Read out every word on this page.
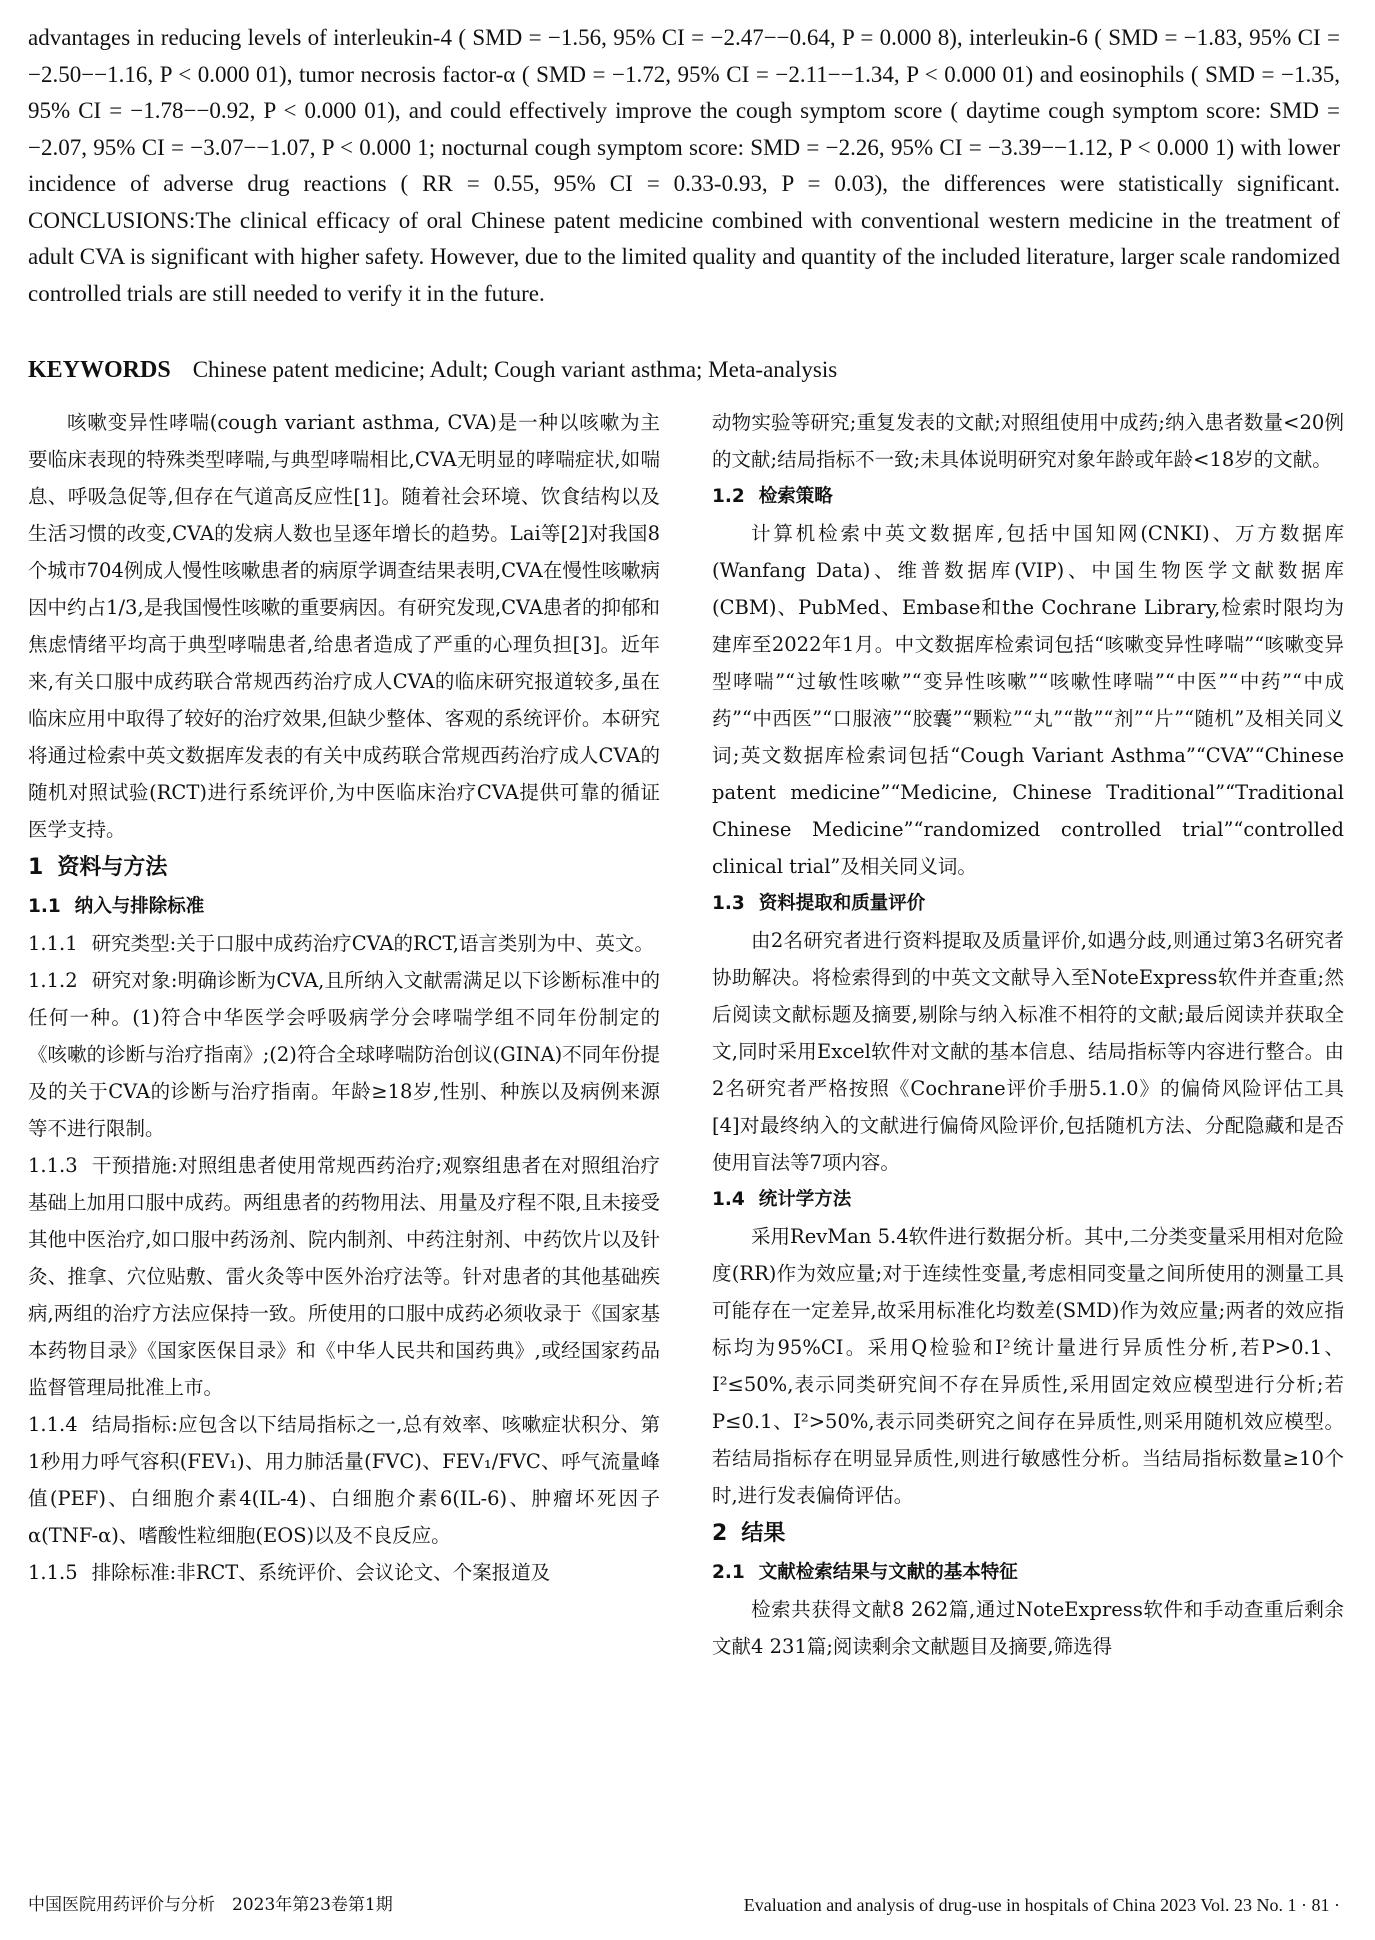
advantages in reducing levels of interleukin-4 ( SMD = −1.56, 95% CI = −2.47−−0.64, P = 0.000 8), interleukin-6 ( SMD = −1.83, 95% CI = −2.50−−1.16, P < 0.000 01), tumor necrosis factor-α ( SMD = −1.72, 95% CI = −2.11−−1.34, P < 0.000 01) and eosinophils ( SMD = −1.35, 95% CI = −1.78−−0.92, P < 0.000 01), and could effectively improve the cough symptom score ( daytime cough symptom score: SMD = −2.07, 95% CI = −3.07−−1.07, P < 0.000 1; nocturnal cough symptom score: SMD = −2.26, 95% CI = −3.39−−1.12, P < 0.000 1) with lower incidence of adverse drug reactions ( RR = 0.55, 95% CI = 0.33-0.93, P = 0.03), the differences were statistically significant. CONCLUSIONS:The clinical efficacy of oral Chinese patent medicine combined with conventional western medicine in the treatment of adult CVA is significant with higher safety. However, due to the limited quality and quantity of the included literature, larger scale randomized controlled trials are still needed to verify it in the future.

KEYWORDS Chinese patent medicine; Adult; Cough variant asthma; Meta-analysis

咳嗽变异性哮喘(cough variant asthma, CVA)是一种以咳嗽为主要临床表现的特殊类型哮喘,与典型哮喘相比,CVA无明显的哮喘症状,如喘息、呼吸急促等,但存在气道高反应性[1]。随着社会环境、饮食结构以及生活习惯的改变,CVA的发病人数也呈逐年增长的趋势。Lai等[2]对我国8个城市704例成人慢性咳嗽患者的病原学调查结果表明,CVA在慢性咳嗽病因中约占1/3,是我国慢性咳嗽的重要病因。有研究发现,CVA患者的抑郁和焦虑情绪平均高于典型哮喘患者,给患者造成了严重的心理负担[3]。近年来,有关口服中成药联合常规西药治疗成人CVA的临床研究报道较多,虽在临床应用中取得了较好的治疗效果,但缺少整体、客观的系统评价。本研究将通过检索中英文数据库发表的有关中成药联合常规西药治疗成人CVA的随机对照试验(RCT)进行系统评价,为中医临床治疗CVA提供可靠的循证医学支持。

1 资料与方法

1.1 纳入与排除标准

1.1.1 研究类型:关于口服中成药治疗CVA的RCT,语言类别为中、英文。

1.1.2 研究对象:明确诊断为CVA,且所纳入文献需满足以下诊断标准中的任何一种。(1)符合中华医学会呼吸病学分会哮喘学组不同年份制定的《咳嗽的诊断与治疗指南》;(2)符合全球哮喘防治创议(GINA)不同年份提及的关于CVA的诊断与治疗指南。年龄≥18岁,性别、种族以及病例来源等不进行限制。

1.1.3 干预措施:对照组患者使用常规西药治疗;观察组患者在对照组治疗基础上加用口服中成药。两组患者的药物用法、用量及疗程不限,且未接受其他中医治疗,如口服中药汤剂、院内制剂、中药注射剂、中药饮片以及针灸、推拿、穴位贴敷、雷火灸等中医外治疗法等。针对患者的其他基础疾病,两组的治疗方法应保持一致。所使用的口服中成药必须收录于《国家基本药物目录》《国家医保目录》和《中华人民共和国药典》,或经国家药品监督管理局批准上市。

1.1.4 结局指标:应包含以下结局指标之一,总有效率、咳嗽症状积分、第1秒用力呼气容积(FEV₁)、用力肺活量(FVC)、FEV₁/FVC、呼气流量峰值(PEF)、白细胞介素4(IL-4)、白细胞介素6(IL-6)、肿瘤坏死因子α(TNF-α)、嗜酸性粒细胞(EOS)以及不良反应。

1.1.5 排除标准:非RCT、系统评价、会议论文、个案报道及

动物实验等研究;重复发表的文献;对照组使用中成药;纳入患者数量<20例的文献;结局指标不一致;未具体说明研究对象年龄或年龄<18岁的文献。

1.2 检索策略

计算机检索中英文数据库,包括中国知网(CNKI)、万方数据库(Wanfang Data)、维普数据库(VIP)、中国生物医学文献数据库(CBM)、PubMed、Embase和the Cochrane Library,检索时限均为建库至2022年1月。中文数据库检索词包括“咳嗽变异性哮喘”“咳嗽变异型哮喘”“过敏性咳嗽”“变异性咳嗽”“咳嗽性哮喘”“中医”“中药”“中成药”“中西医”“口服液”“胶囊”“颗粒”“丸”“散”“剂”“片”“随机”及相关同义词;英文数据库检索词包括“Cough Variant Asthma”“CVA”“Chinese patent medicine”“Medicine, Chinese Traditional”“Traditional Chinese Medicine”“randomized controlled trial”“controlled clinical trial”及相关同义词。

1.3 资料提取和质量评价

由2名研究者进行资料提取及质量评价,如遇分歧,则通过第3名研究者协助解决。将检索得到的中英文文献导入至NoteExpress软件并查重;然后阅读文献标题及摘要,剔除与纳入标准不相符的文献;最后阅读并获取全文,同时采用Excel软件对文献的基本信息、结局指标等内容进行整合。由2名研究者严格按照《Cochrane评价手册5.1.0》的偏倚风险评估工具[4]对最终纳入的文献进行偏倚风险评价,包括随机方法、分配隐藏和是否使用盲法等7项内容。

1.4 统计学方法

采用RevMan 5.4软件进行数据分析。其中,二分类变量采用相对危险度(RR)作为效应量;对于连续性变量,考虑相同变量之间所使用的测量工具可能存在一定差异,故采用标准化均数差(SMD)作为效应量;两者的效应指标均为95%CI。采用Q检验和I²统计量进行异质性分析,若P>0.1、I²≤50%,表示同类研究间不存在异质性,采用固定效应模型进行分析;若P≤0.1、I²>50%,表示同类研究之间存在异质性,则采用随机效应模型。若结局指标存在明显异质性,则进行敏感性分析。当结局指标数量≥10个时,进行发表偏倚评估。

2 结果

2.1 文献检索结果与文献的基本特征

检索共获得文献8 262篇,通过NoteExpress软件和手动查重后剩余文献4 231篇;阅读剩余文献题目及摘要,筛选得

中国医院用药评价与分析　2023年第23卷第1期	Evaluation and analysis of drug-use in hospitals of China 2023 Vol. 23 No. 1 · 81 ·
